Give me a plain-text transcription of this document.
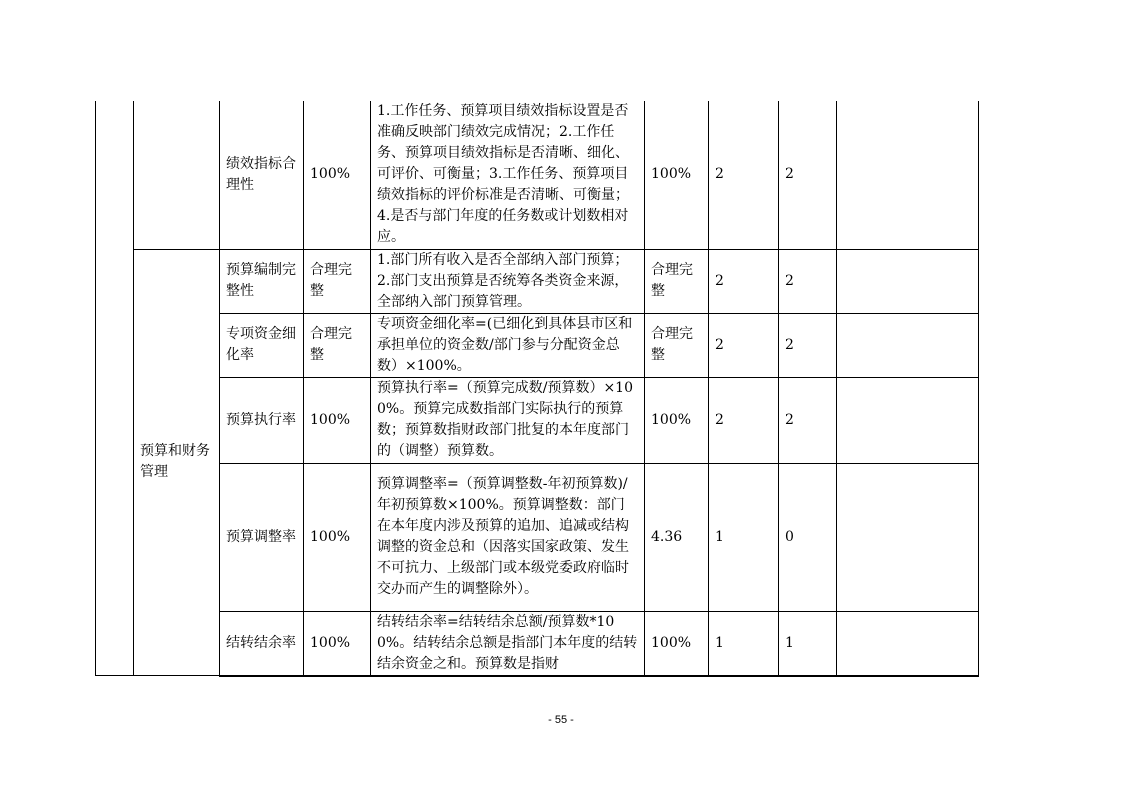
		绩效指标合理性	100%	1.工作任务、预算项目绩效指标设置是否准确反映部门绩效完成情况；2.工作任务、预算项目绩效指标是否清晰、细化、可评价、可衡量；3.工作任务、预算项目绩效指标的评价标准是否清晰、可衡量；4.是否与部门年度的任务数或计划数相对应。	100%	2	2	
	预算和财务管理	预算编制完整性	合理完整	1.部门所有收入是否全部纳入部门预算；2.部门支出预算是否统筹各类资金来源，全部纳入部门预算管理。	合理完整	2	2	
		专项资金细化率	合理完整	专项资金细化率=(已细化到具体县市区和承担单位的资金数/部门参与分配资金总数）×100%。	合理完整	2	2	
		预算执行率	100%	预算执行率=（预算完成数/预算数）×100%。预算完成数指部门实际执行的预算数；预算数指财政部门批复的本年度部门的（调整）预算数。	100%	2	2	
		预算调整率	100%	预算调整率=（预算调整数-年初预算数)/年初预算数×100%。预算调整数：部门在本年度内涉及预算的追加、追减或结构调整的资金总和（因落实国家政策、发生不可抗力、上级部门或本级党委政府临时交办而产生的调整除外）。	4.36	1	0	
		结转结余率	100%	结转结余率=结转结余总额/预算数*100%。结转结余总额是指部门本年度的结转结余资金之和。预算数是指财	100%	1	1	
- 55 -
